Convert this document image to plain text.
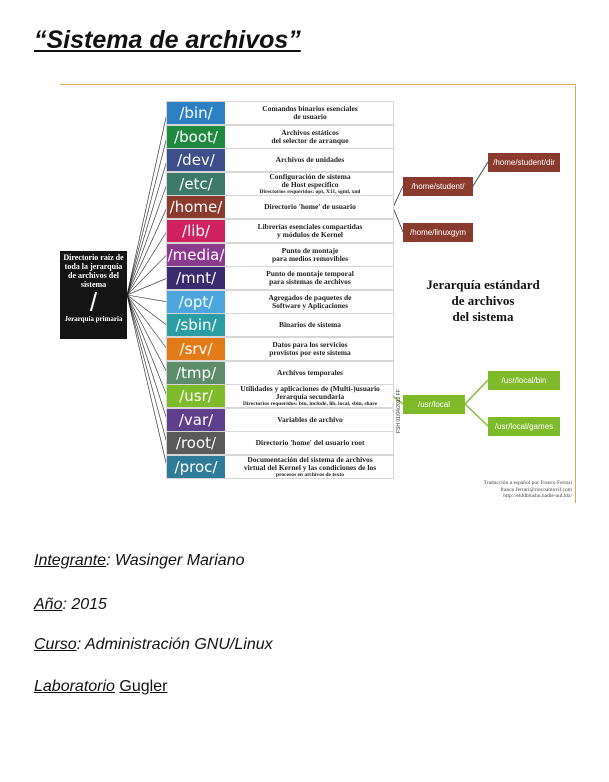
“Sistema de archivos”
Directorio raíz de toda la jerarquía de archivos del sistema
/
Jerarquía primaria
/bin/	Comandos binarios esenciales
de usuario
/boot/	Archivos estáticos
del selector de arranque
/dev/	Archivos de unidades
/etc/	Configuración de sistema
de Host específico
Directorios requeridos: opt, X11, sgml, xml
/home/	Directorio 'home' de usuario
/lib/	Librerías esenciales compartidas
y módulos de Kernel
/media/	Punto de montaje
para medios removibles
/mnt/	Punto de montaje temporal
para sistemas de archivos
/opt/	Agregados de paquetes de
Software y Aplicaciones
/sbin/	Binarios de sistema
/srv/	Datos para los servicios
provistos por este sistema
/tmp/	Archivos temporales
/usr/	Utilidades y aplicaciones de (Multi-)usuario
Jerarquía secundaria
Directorios requeridos: bin, include, lib, local, sbin, share
/var/	Variables de archivo
/root/	Directorio 'home' del usuario root
/proc/	Documentación del sistema de archivos
virtual del Kernel y las condiciones de los
procesos en archivos de texto
/home/student/
/home/student/dir
/home/linuxgym
/usr/local
/usr/local/bin
/usr/local/games
Jerarquía estándard
de archivos
del sistema
FSH 01/04/2012 FF
Traducción a español por Franco Ferrari
franco.ferrari@riocoamovil.com
http://elddblushu.hadie-aul.blz/
Integrante: Wasinger Mariano
Año: 2015
Curso: Administración GNU/Linux
Laboratorio Gugler
